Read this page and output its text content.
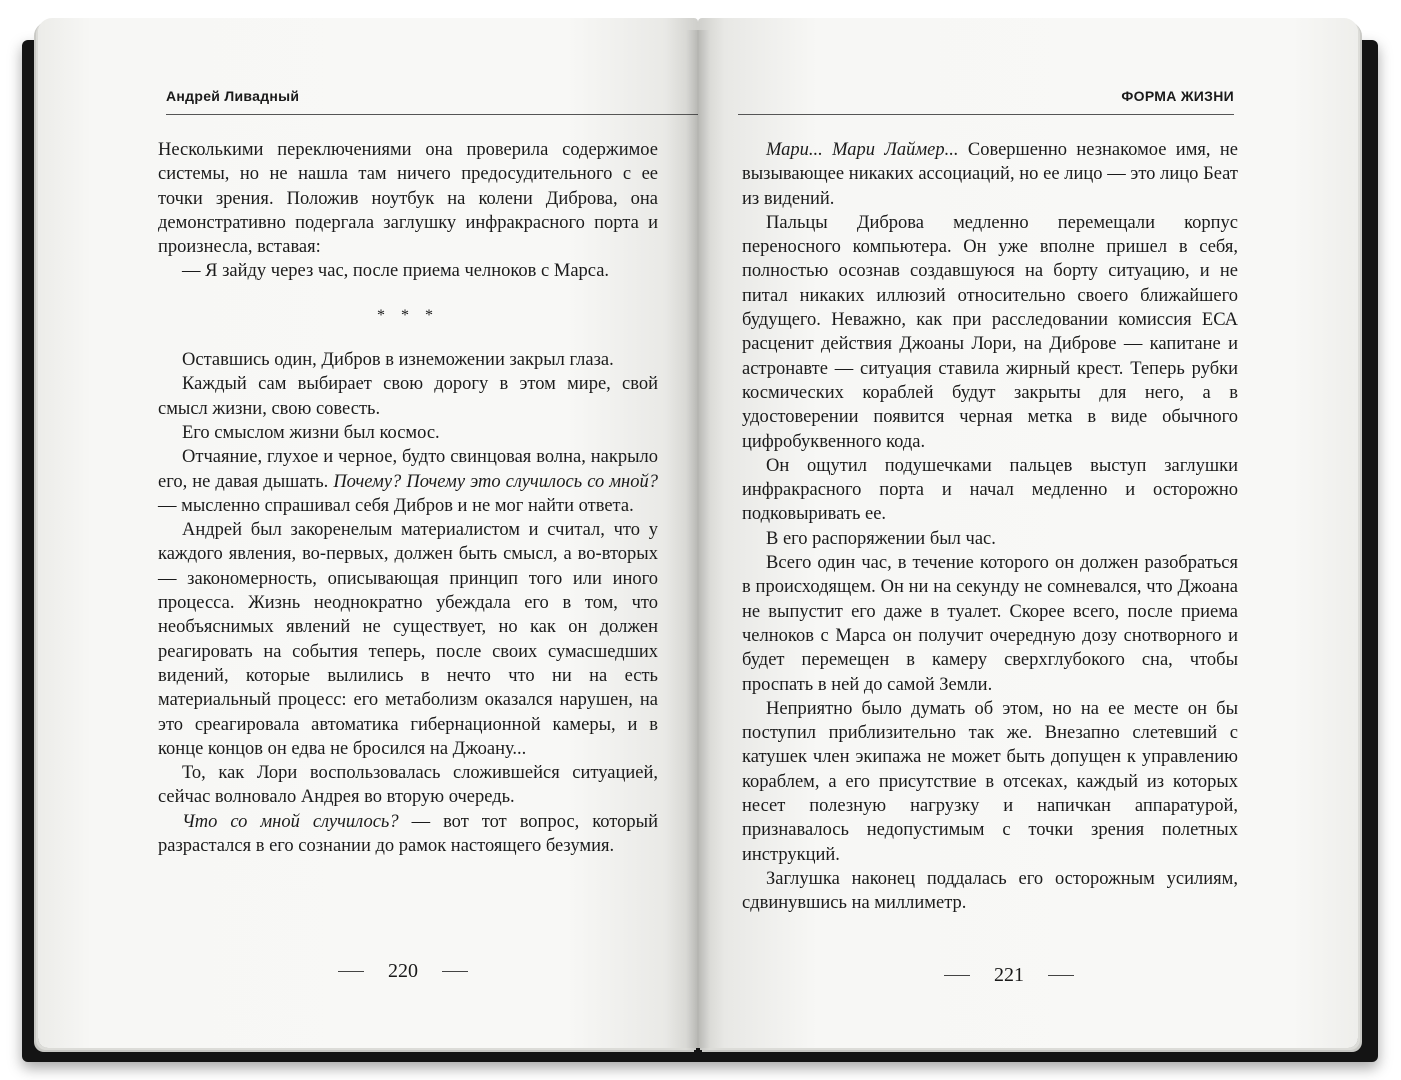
Андрей Ливадный

Несколькими переключениями она проверила содержимое системы, но не нашла там ничего предосудительного с ее точки зрения. Положив ноутбук на колени Диброва, она демонстративно подергала заглушку инфракрасного порта и произнесла, вставая:

— Я зайду через час, после приема челноков с Марса.

* * *

Оставшись один, Дибров в изнеможении закрыл глаза.

Каждый сам выбирает свою дорогу в этом мире, свой смысл жизни, свою совесть.

Его смыслом жизни был космос.

Отчаяние, глухое и черное, будто свинцовая волна, накрыло его, не давая дышать. Почему? Почему это случилось со мной? — мысленно спрашивал себя Дибров и не мог найти ответа.

Андрей был закоренелым материалистом и считал, что у каждого явления, во-первых, должен быть смысл, а во-вторых — закономерность, описывающая принцип того или иного процесса. Жизнь неоднократно убеждала его в том, что необъяснимых явлений не существует, но как он должен реагировать на события теперь, после своих сумасшедших видений, которые вылились в нечто что ни на есть материальный процесс: его метаболизм оказался нарушен, на это среагировала автоматика гибернационной камеры, и в конце концов он едва не бросился на Джоану...

То, как Лори воспользовалась сложившейся ситуацией, сейчас волновало Андрея во вторую очередь.

Что со мной случилось? — вот тот вопрос, который разрастался в его сознании до рамок настоящего безумия.

220
ФОРМА ЖИЗНИ

Мари... Мари Лаймер... Совершенно незнакомое имя, не вызывающее никаких ассоциаций, но ее лицо — это лицо Беат из видений.

Пальцы Диброва медленно перемещали корпус переносного компьютера. Он уже вполне пришел в себя, полностью осознав создавшуюся на борту ситуацию, и не питал никаких иллюзий относительно своего ближайшего будущего. Неважно, как при расследовании комиссия ЕСА расценит действия Джоаны Лори, на Диброве — капитане и астронавте — ситуация ставила жирный крест. Теперь рубки космических кораблей будут закрыты для него, а в удостоверении появится черная метка в виде обычного цифробуквенного кода.

Он ощутил подушечками пальцев выступ заглушки инфракрасного порта и начал медленно и осторожно подковыривать ее.

В его распоряжении был час.

Всего один час, в течение которого он должен разобраться в происходящем. Он ни на секунду не сомневался, что Джоана не выпустит его даже в туалет. Скорее всего, после приема челноков с Марса он получит очередную дозу снотворного и будет перемещен в камеру сверхглубокого сна, чтобы проспать в ней до самой Земли.

Неприятно было думать об этом, но на ее месте он бы поступил приблизительно так же. Внезапно слетевший с катушек член экипажа не может быть допущен к управлению кораблем, а его присутствие в отсеках, каждый из которых несет полезную нагрузку и напичкан аппаратурой, признавалось недопустимым с точки зрения полетных инструкций.

Заглушка наконец поддалась его осторожным усилиям, сдвинувшись на миллиметр.

221
